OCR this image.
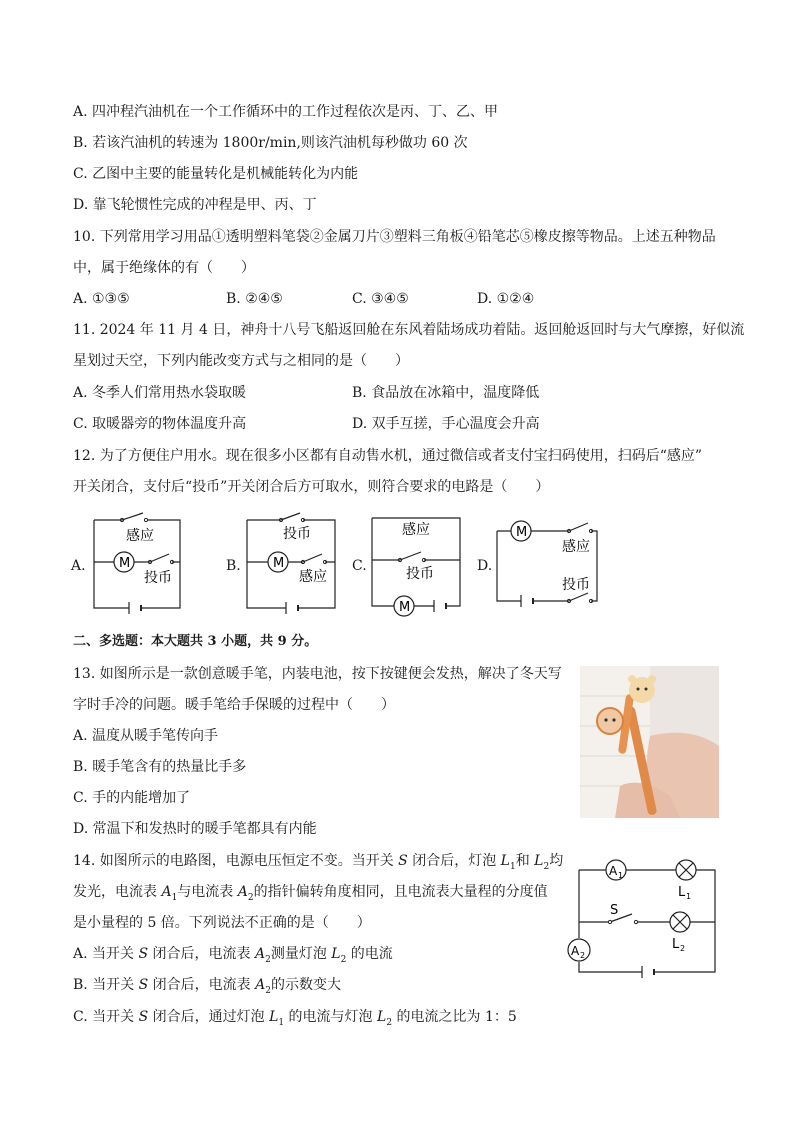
A. 四冲程汽油机在一个工作循环中的工作过程依次是丙、丁、乙、甲
B. 若该汽油机的转速为 1800r/min,则该汽油机每秒做功 60 次
C. 乙图中主要的能量转化是机械能转化为内能
D. 靠飞轮惯性完成的冲程是甲、丙、丁
10. 下列常用学习用品①透明塑料笔袋②金属刀片③塑料三角板④铅笔芯⑤橡皮擦等物品。上述五种物品
中，属于绝缘体的有（　　）
A. ①③⑤	B. ②④⑤	C. ③④⑤	D. ①②④
11. 2024 年 11 月 4 日，神舟十八号飞船返回舱在东风着陆场成功着陆。返回舱返回时与大气摩擦，好似流
星划过天空，下列内能改变方式与之相同的是（　　）
A. 冬季人们常用热水袋取暖	B. 食品放在冰箱中，温度降低
C. 取暖器旁的物体温度升高	D. 双手互搓，手心温度会升高
12. 为了方便住户用水。现在很多小区都有自动售水机，通过微信或者支付宝扫码使用，扫码后“感应”
开关闭合，支付后“投币”开关闭合后方可取水，则符合要求的电路是（　　）
A.
感应
M
投币
B.
投币
M
感应
C.
感应
投币
M
D.
M
感应
投币
二、多选题：本大题共 3 小题，共 9 分。
13. 如图所示是一款创意暖手笔，内装电池，按下按键便会发热，解决了冬天写
字时手冷的问题。暖手笔给手保暖的过程中（　　）
A. 温度从暖手笔传向手
B. 暖手笔含有的热量比手多
C. 手的内能增加了
D. 常温下和发热时的暖手笔都具有内能
14. 如图所示的电路图，电源电压恒定不变。当开关 S 闭合后，灯泡 $L_1$和 $L_2$均
发光，电流表 $A_1$与电流表 $A_2$的指针偏转角度相同，且电流表大量程的分度值
是小量程的 5 倍。下列说法不正确的是（　　）
A. 当开关 S 闭合后，电流表 $A_2$测量灯泡 $L_2$ 的电流
B. 当开关 S 闭合后，电流表 $A_2$的示数变大
C. 当开关 S 闭合后，通过灯泡 $L_1$ 的电流与灯泡 $L_2$ 的电流之比为 1：5
S
A 1
L 1
L 2
A 2
